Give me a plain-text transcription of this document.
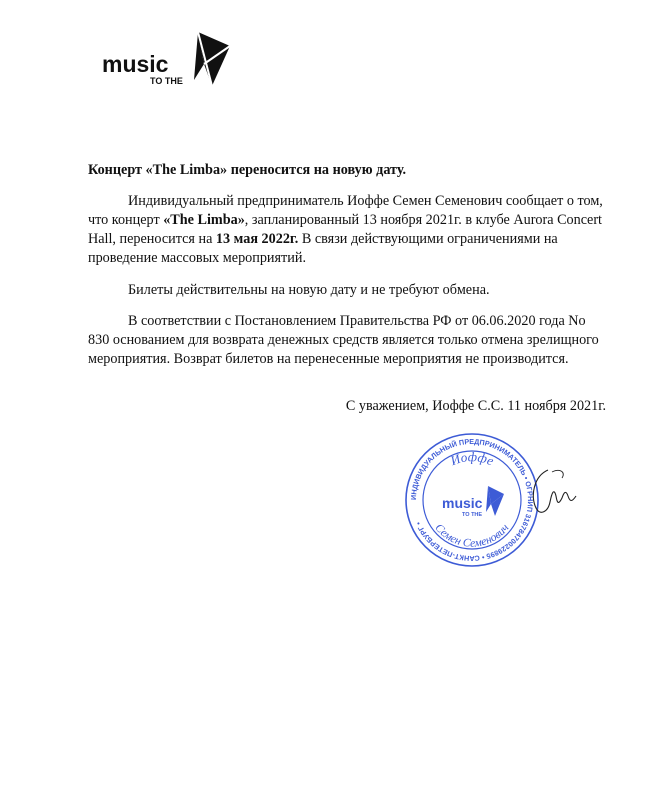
music
TO THE

Концерт «The Limba» переносится на новую дату.

Индивидуальный предприниматель Иоффе Семен Семенович сообщает о том, что концерт «The Limba», запланированный 13 ноября 2021г. в клубе Aurora Concert Hall, переносится на 13 мая 2022г. В связи действующими ограничениями на проведение массовых мероприятий.

Билеты действительны на новую дату и не требуют обмена.

В соответствии с Постановлением Правительства РФ от 06.06.2020 года No 830 основанием для возврата денежных средств является только отмена зрелищного мероприятия. Возврат билетов на перенесенные мероприятия не производится.

С уважением, Иоффе С.С. 11 ноября 2021г.

ИНДИВИДУАЛЬНЫЙ ПРЕДПРИНИМАТЕЛЬ • ОГРНИП 316784700229895 • САНКТ-ПЕТЕРБУРГ •
Иоффе
Семен Семенович
music
TO THE
